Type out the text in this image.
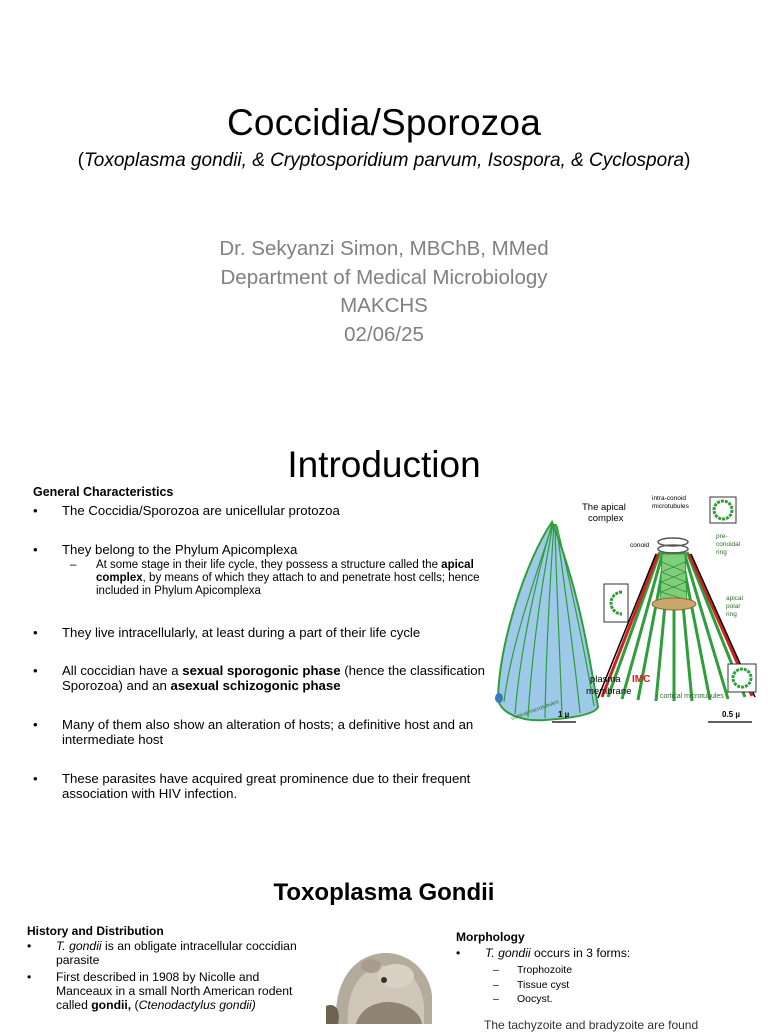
Coccidia/Sporozoa
(Toxoplasma gondii, & Cryptosporidium parvum, Isospora, & Cyclospora)
Dr. Sekyanzi Simon, MBChB, MMed
Department of Medical Microbiology
MAKCHS
02/06/25
Introduction
General Characteristics
• The Coccidia/Sporozoa are unicellular protozoa
• They belong to the Phylum Apicomplexa
– At some stage in their life cycle, they possess a structure called the apical complex, by means of which they attach to and penetrate host cells; hence included in Phylum Apicomplexa
• They live intracellularly, at least during a part of their life cycle
• All coccidian have a sexual sporogonic phase (hence the classification Sporozoa) and an asexual schizogonic phase
• Many of them also show an alteration of hosts; a definitive host and an intermediate host
• These parasites have acquired great prominence due to their frequent association with HIV infection.
The apical
complex
intra-conoid
microtubules
pre-
conoidal
ring
conoid
apical
polar
ring
plasma
membrane
IMC
cortical microtubules
cortical microtubules
1 µ	0.5 µ
Toxoplasma Gondii
History and Distribution
• T. gondii is an obligate intracellular coccidian parasite
• First described in 1908 by Nicolle and Manceaux in a small North American rodent called gondii, (Ctenodactylus gondii)
Morphology
• T. gondii occurs in 3 forms:
– Trophozoite
– Tissue cyst
– Oocyst.
The tachyzoite and bradyzoite are found
